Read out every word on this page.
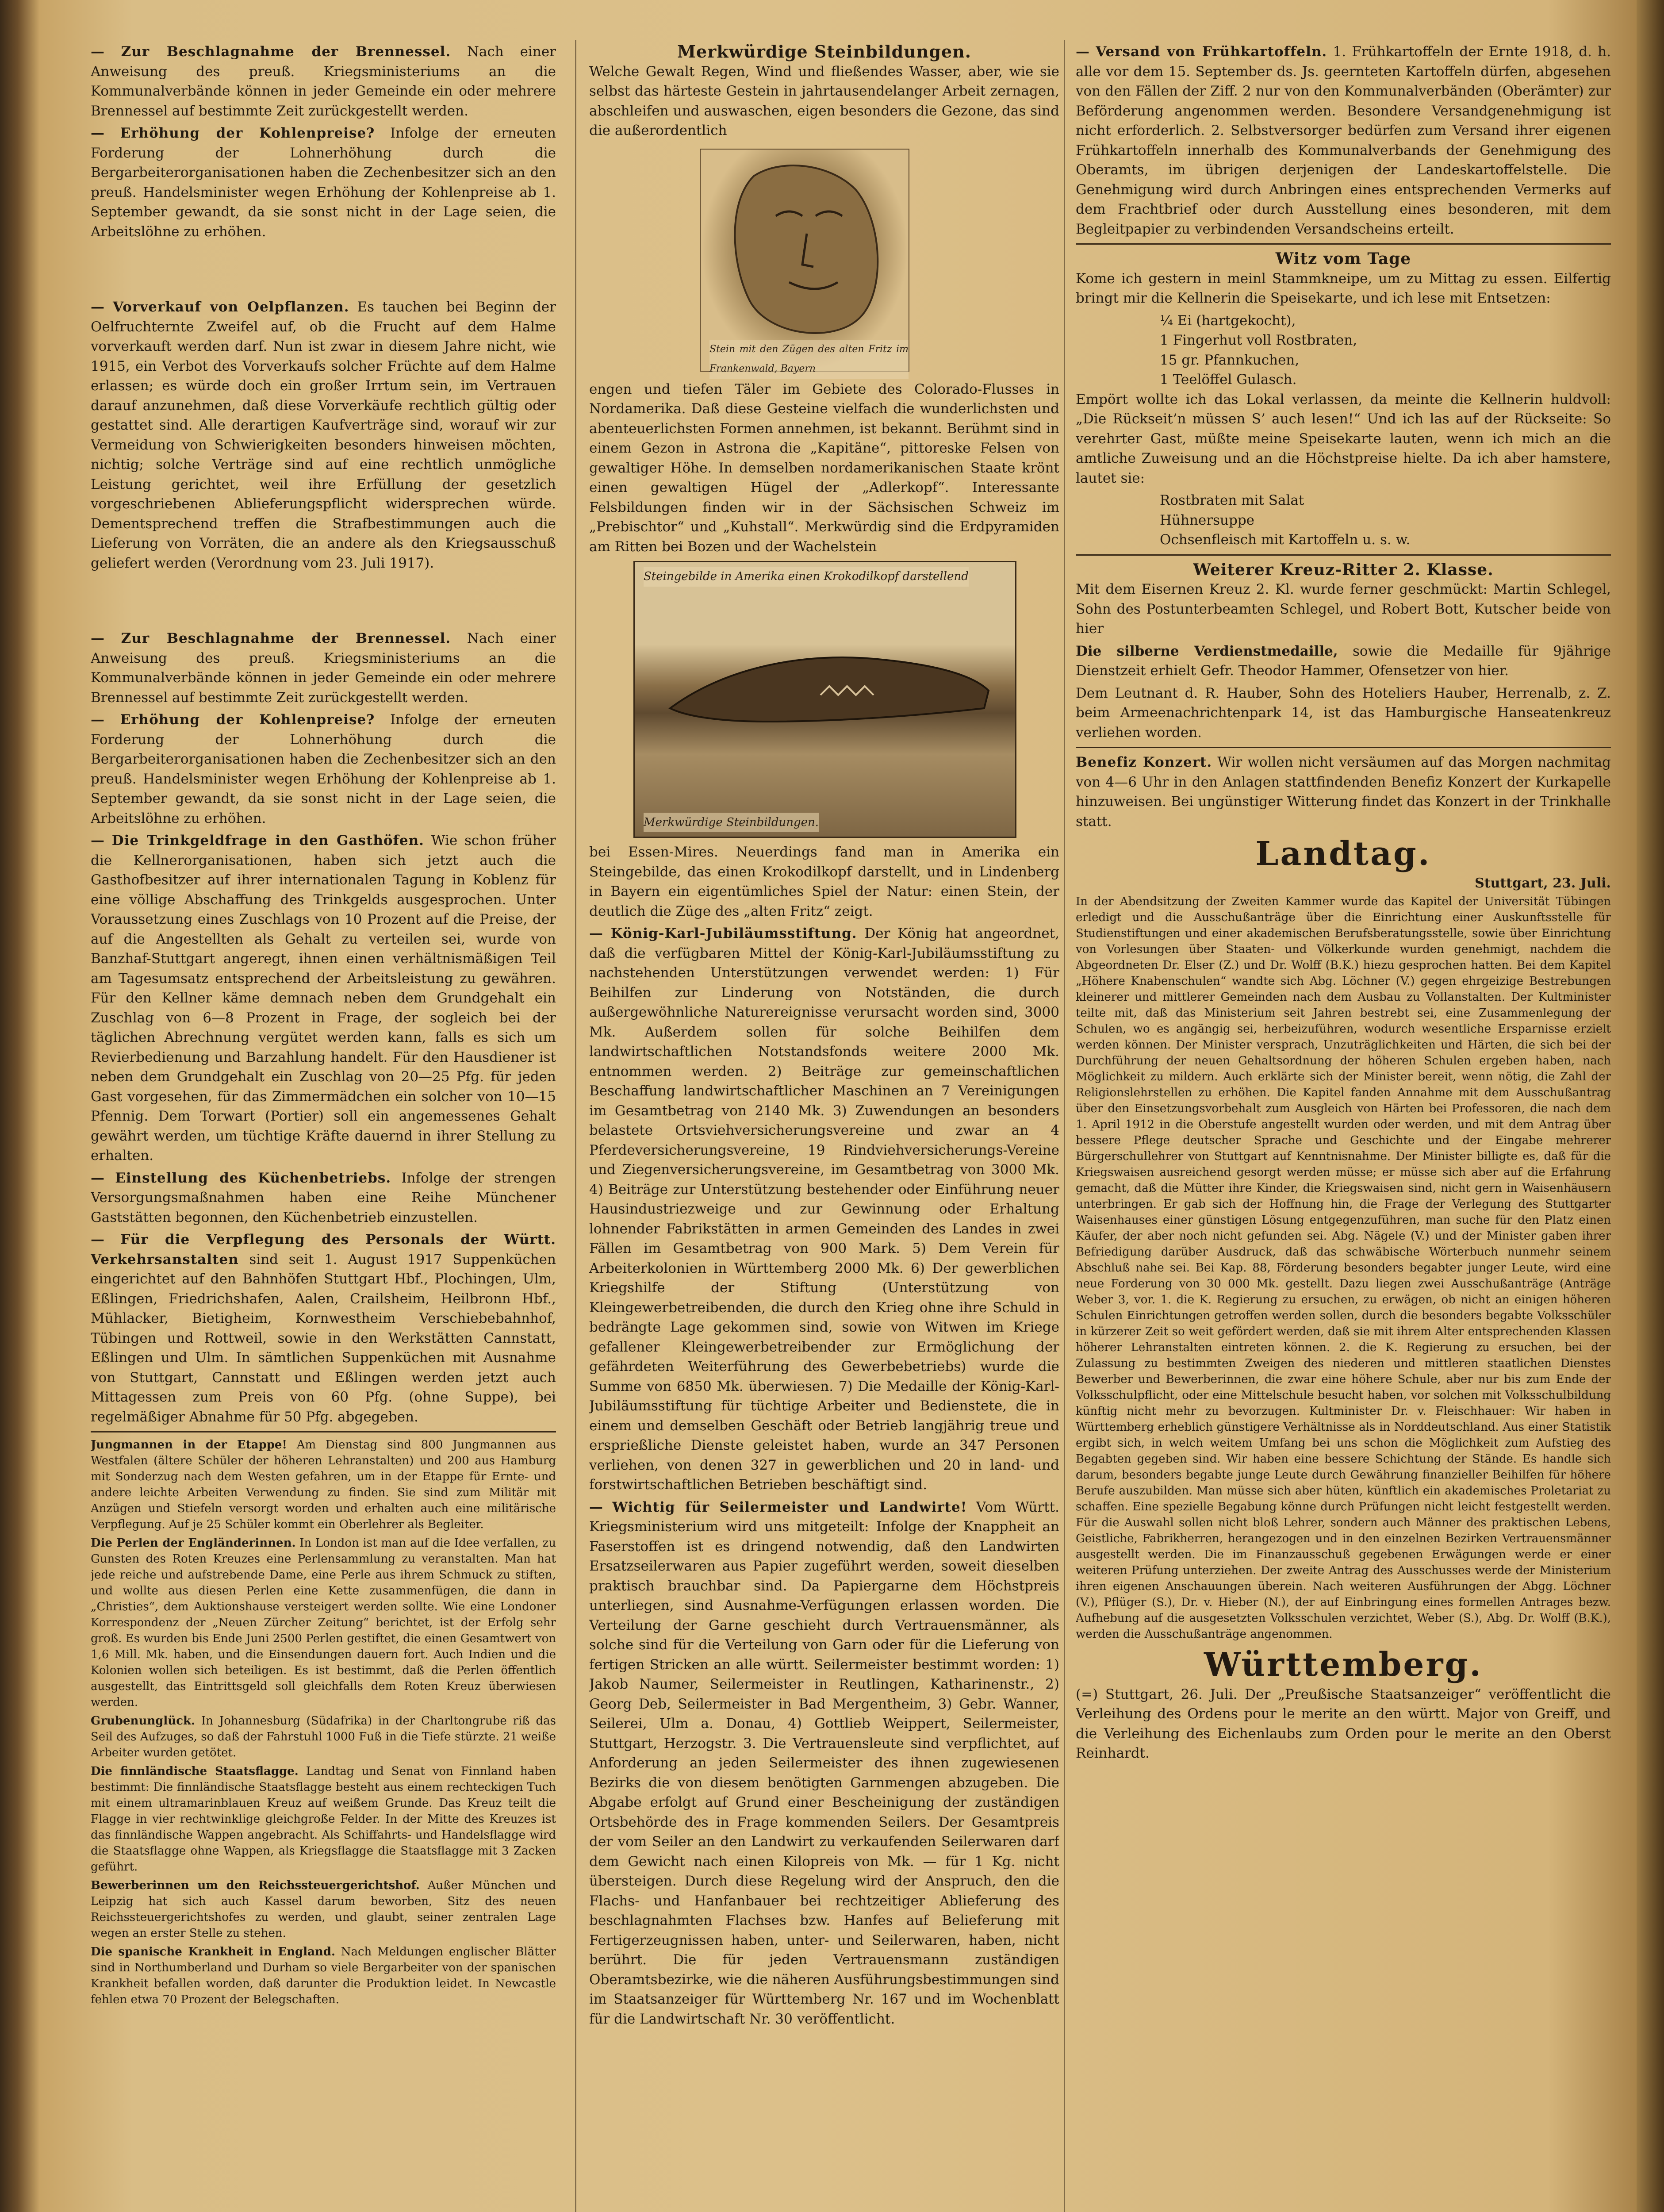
— Zur Beschlagnahme der Brennessel. Nach einer Anweisung des preuß. Kriegsministeriums an die Kommunalverbände können in jeder Gemeinde ein oder mehrere Brennessel auf bestimmte Zeit zurückgestellt werden.

— Erhöhung der Kohlenpreise? Infolge der erneuten Forderung der Lohnerhöhung durch die Bergarbeiterorganisationen haben die Zechenbesitzer sich an den preuß. Handelsminister wegen Erhöhung der Kohlenpreise ab 1. September gewandt, da sie sonst nicht in der Lage seien, die Arbeitslöhne zu erhöhen.

— Vorverkauf von Oelpflanzen. Es tauchen bei Beginn der Oelfruchternte Zweifel auf, ob die Frucht auf dem Halme vorverkauft werden darf. Nun ist zwar in diesem Jahre nicht, wie 1915, ein Verbot des Vorverkaufs solcher Früchte auf dem Halme erlassen; es würde doch ein großer Irrtum sein, im Vertrauen darauf anzunehmen, daß diese Vorverkäufe rechtlich gültig oder gestattet sind. Alle derartigen Kaufverträge sind, worauf wir zur Vermeidung von Schwierigkeiten besonders hinweisen möchten, nichtig; solche Verträge sind auf eine rechtlich unmögliche Leistung gerichtet, weil ihre Erfüllung der gesetzlich vorgeschriebenen Ablieferungspflicht widersprechen würde. Dementsprechend treffen die Strafbestimmungen auch die Lieferung von Vorräten, die an andere als den Kriegsausschuß geliefert werden (Verordnung vom 23. Juli 1917).

— Zur Beschlagnahme der Brennessel. Nach einer Anweisung des preuß. Kriegsministeriums an die Kommunalverbände können in jeder Gemeinde ein oder mehrere Brennessel auf bestimmte Zeit zurückgestellt werden.

— Erhöhung der Kohlenpreise? Infolge der erneuten Forderung der Lohnerhöhung durch die Bergarbeiterorganisationen haben die Zechenbesitzer sich an den preuß. Handelsminister wegen Erhöhung der Kohlenpreise ab 1. September gewandt, da sie sonst nicht in der Lage seien, die Arbeitslöhne zu erhöhen.

— Die Trinkgeldfrage in den Gasthöfen. Wie schon früher die Kellnerorganisationen, haben sich jetzt auch die Gasthofbesitzer auf ihrer internationalen Tagung in Koblenz für eine völlige Abschaffung des Trinkgelds ausgesprochen. Unter Voraussetzung eines Zuschlags von 10 Prozent auf die Preise, der auf die Angestellten als Gehalt zu verteilen sei, wurde von Banzhaf-Stuttgart angeregt, ihnen einen verhältnismäßigen Teil am Tagesumsatz entsprechend der Arbeitsleistung zu gewähren. Für den Kellner käme demnach neben dem Grundgehalt ein Zuschlag von 6—8 Prozent in Frage, der sogleich bei der täglichen Abrechnung vergütet werden kann, falls es sich um Revierbedienung und Barzahlung handelt. Für den Hausdiener ist neben dem Grundgehalt ein Zuschlag von 20—25 Pfg. für jeden Gast vorgesehen, für das Zimmermädchen ein solcher von 10—15 Pfennig. Dem Torwart (Portier) soll ein angemessenes Gehalt gewährt werden, um tüchtige Kräfte dauernd in ihrer Stellung zu erhalten.

— Einstellung des Küchenbetriebs. Infolge der strengen Versorgungsmaßnahmen haben eine Reihe Münchener Gaststätten begonnen, den Küchenbetrieb einzustellen.

— Für die Verpflegung des Personals der Württ. Verkehrsanstalten sind seit 1. August 1917 Suppenküchen eingerichtet auf den Bahnhöfen Stuttgart Hbf., Plochingen, Ulm, Eßlingen, Friedrichshafen, Aalen, Crailsheim, Heilbronn Hbf., Mühlacker, Bietigheim, Kornwestheim Verschiebebahnhof, Tübingen und Rottweil, sowie in den Werkstätten Cannstatt, Eßlingen und Ulm. In sämtlichen Suppenküchen mit Ausnahme von Stuttgart, Cannstatt und Eßlingen werden jetzt auch Mittagessen zum Preis von 60 Pfg. (ohne Suppe), bei regelmäßiger Abnahme für 50 Pfg. abgegeben.

Jungmannen in der Etappe! Am Dienstag sind 800 Jungmannen aus Westfalen (ältere Schüler der höheren Lehranstalten) und 200 aus Hamburg mit Sonderzug nach dem Westen gefahren, um in der Etappe für Ernte- und andere leichte Arbeiten Verwendung zu finden. Sie sind zum Militär mit Anzügen und Stiefeln versorgt worden und erhalten auch eine militärische Verpflegung. Auf je 25 Schüler kommt ein Oberlehrer als Begleiter.

Die Perlen der Engländerinnen. In London ist man auf die Idee verfallen, zu Gunsten des Roten Kreuzes eine Perlensammlung zu veranstalten. Man hat jede reiche und aufstrebende Dame, eine Perle aus ihrem Schmuck zu stiften, und wollte aus diesen Perlen eine Kette zusammenfügen, die dann in „Christies“, dem Auktionshause versteigert werden sollte. Wie eine Londoner Korrespondenz der „Neuen Zürcher Zeitung“ berichtet, ist der Erfolg sehr groß. Es wurden bis Ende Juni 2500 Perlen gestiftet, die einen Gesamtwert von 1,6 Mill. Mk. haben, und die Einsendungen dauern fort. Auch Indien und die Kolonien wollen sich beteiligen. Es ist bestimmt, daß die Perlen öffentlich ausgestellt, das Eintrittsgeld soll gleichfalls dem Roten Kreuz überwiesen werden.

Grubenunglück. In Johannesburg (Südafrika) in der Charltongrube riß das Seil des Aufzuges, so daß der Fahrstuhl 1000 Fuß in die Tiefe stürzte. 21 weiße Arbeiter wurden getötet.

Die finnländische Staatsflagge. Landtag und Senat von Finnland haben bestimmt: Die finnländische Staatsflagge besteht aus einem rechteckigen Tuch mit einem ultramarinblauen Kreuz auf weißem Grunde. Das Kreuz teilt die Flagge in vier rechtwinklige gleichgroße Felder. In der Mitte des Kreuzes ist das finnländische Wappen angebracht. Als Schiffahrts- und Handelsflagge wird die Staatsflagge ohne Wappen, als Kriegsflagge die Staatsflagge mit 3 Zacken geführt.

Bewerberinnen um den Reichssteuergerichtshof. Außer München und Leipzig hat sich auch Kassel darum beworben, Sitz des neuen Reichssteuergerichtshofes zu werden, und glaubt, seiner zentralen Lage wegen an erster Stelle zu stehen.

Die spanische Krankheit in England. Nach Meldungen englischer Blätter sind in Northumberland und Durham so viele Bergarbeiter von der spanischen Krankheit befallen worden, daß darunter die Produktion leidet. In Newcastle fehlen etwa 70 Prozent der Belegschaften.

Merkwürdige Steinbildungen.

Welche Gewalt Regen, Wind und fließendes Wasser, aber, wie sie selbst das härteste Gestein in jahrtausendelanger Arbeit zernagen, abschleifen und auswaschen, eigen besonders die Gezone, das sind die außerordentlich

Stein mit den Zügen des alten Fritz im Frankenwald, Bayern

engen und tiefen Täler im Gebiete des Colorado-Flusses in Nordamerika. Daß diese Gesteine vielfach die wunderlichsten und abenteuerlichsten Formen annehmen, ist bekannt. Berühmt sind in einem Gezon in Astrona die „Kapitäne“, pittoreske Felsen von gewaltiger Höhe. In demselben nordamerikanischen Staate krönt einen gewaltigen Hügel der „Adlerkopf“. Interessante Felsbildungen finden wir in der Sächsischen Schweiz im „Prebischtor“ und „Kuhstall“. Merkwürdig sind die Erdpyramiden am Ritten bei Bozen und der Wachelstein

Steingebilde in Amerika einen Krokodilkopf darstellend
Merkwürdige Steinbildungen.

bei Essen-Mires. Neuerdings fand man in Amerika ein Steingebilde, das einen Krokodilkopf darstellt, und in Lindenberg in Bayern ein eigentümliches Spiel der Natur: einen Stein, der deutlich die Züge des „alten Fritz“ zeigt.

— König-Karl-Jubiläumsstiftung. Der König hat angeordnet, daß die verfügbaren Mittel der König-Karl-Jubiläumsstiftung zu nachstehenden Unterstützungen verwendet werden: 1) Für Beihilfen zur Linderung von Notständen, die durch außergewöhnliche Naturereignisse verursacht worden sind, 3000 Mk. Außerdem sollen für solche Beihilfen dem landwirtschaftlichen Notstandsfonds weitere 2000 Mk. entnommen werden. 2) Beiträge zur gemeinschaftlichen Beschaffung landwirtschaftlicher Maschinen an 7 Vereinigungen im Gesamtbetrag von 2140 Mk. 3) Zuwendungen an besonders belastete Ortsviehversicherungsvereine und zwar an 4 Pferdeversicherungsvereine, 19 Rindviehversicherungs-Vereine und Ziegenversicherungsvereine, im Gesamtbetrag von 3000 Mk. 4) Beiträge zur Unterstützung bestehender oder Einführung neuer Hausindustriezweige und zur Gewinnung oder Erhaltung lohnender Fabrikstätten in armen Gemeinden des Landes in zwei Fällen im Gesamtbetrag von 900 Mark. 5) Dem Verein für Arbeiterkolonien in Württemberg 2000 Mk. 6) Der gewerblichen Kriegshilfe der Stiftung (Unterstützung von Kleingewerbetreibenden, die durch den Krieg ohne ihre Schuld in bedrängte Lage gekommen sind, sowie von Witwen im Kriege gefallener Kleingewerbetreibender zur Ermöglichung der gefährdeten Weiterführung des Gewerbebetriebs) wurde die Summe von 6850 Mk. überwiesen. 7) Die Medaille der König-Karl-Jubiläumsstiftung für tüchtige Arbeiter und Bedienstete, die in einem und demselben Geschäft oder Betrieb langjährig treue und ersprießliche Dienste geleistet haben, wurde an 347 Personen verliehen, von denen 327 in gewerblichen und 20 in land- und forstwirtschaftlichen Betrieben beschäftigt sind.

— Wichtig für Seilermeister und Landwirte! Vom Württ. Kriegsministerium wird uns mitgeteilt: Infolge der Knappheit an Faserstoffen ist es dringend notwendig, daß den Landwirten Ersatzseilerwaren aus Papier zugeführt werden, soweit dieselben praktisch brauchbar sind. Da Papiergarne dem Höchstpreis unterliegen, sind Ausnahme-Verfügungen erlassen worden. Die Verteilung der Garne geschieht durch Vertrauensmänner, als solche sind für die Verteilung von Garn oder für die Lieferung von fertigen Stricken an alle württ. Seilermeister bestimmt worden: 1) Jakob Naumer, Seilermeister in Reutlingen, Katharinenstr., 2) Georg Deb, Seilermeister in Bad Mergentheim, 3) Gebr. Wanner, Seilerei, Ulm a. Donau, 4) Gottlieb Weippert, Seilermeister, Stuttgart, Herzogstr. 3. Die Vertrauensleute sind verpflichtet, auf Anforderung an jeden Seilermeister des ihnen zugewiesenen Bezirks die von diesem benötigten Garnmengen abzugeben. Die Abgabe erfolgt auf Grund einer Bescheinigung der zuständigen Ortsbehörde des in Frage kommenden Seilers. Der Gesamtpreis der vom Seiler an den Landwirt zu verkaufenden Seilerwaren darf dem Gewicht nach einen Kilopreis von Mk. — für 1 Kg. nicht übersteigen. Durch diese Regelung wird der Anspruch, den die Flachs- und Hanfanbauer bei rechtzeitiger Ablieferung des beschlagnahmten Flachses bzw. Hanfes auf Belieferung mit Fertigerzeugnissen haben, unter- und Seilerwaren, haben, nicht berührt. Die für jeden Vertrauensmann zuständigen Oberamtsbezirke, wie die näheren Ausführungsbestimmungen sind im Staatsanzeiger für Württemberg Nr. 167 und im Wochenblatt für die Landwirtschaft Nr. 30 veröffentlicht.

— Versand von Frühkartoffeln. 1. Frühkartoffeln der Ernte 1918, d. h. alle vor dem 15. September ds. Js. geernteten Kartoffeln dürfen, abgesehen von den Fällen der Ziff. 2 nur von den Kommunalverbänden (Oberämter) zur Beförderung angenommen werden. Besondere Versandgenehmigung ist nicht erforderlich. 2. Selbstversorger bedürfen zum Versand ihrer eigenen Frühkartoffeln innerhalb des Kommunalverbands der Genehmigung des Oberamts, im übrigen derjenigen der Landeskartoffelstelle. Die Genehmigung wird durch Anbringen eines entsprechenden Vermerks auf dem Frachtbrief oder durch Ausstellung eines besonderen, mit dem Begleitpapier zu verbindenden Versandscheins erteilt.

Witz vom Tage

Kome ich gestern in meinl Stammkneipe, um zu Mittag zu essen. Eilfertig bringt mir die Kellnerin die Speisekarte, und ich lese mit Entsetzen:

¼ Ei (hartgekocht),
1 Fingerhut voll Rostbraten,
15 gr. Pfannkuchen,
1 Teelöffel Gulasch.

Empört wollte ich das Lokal verlassen, da meinte die Kellnerin huldvoll: „Die Rückseit’n müssen S’ auch lesen!“ Und ich las auf der Rückseite: So verehrter Gast, müßte meine Speisekarte lauten, wenn ich mich an die amtliche Zuweisung und an die Höchstpreise hielte. Da ich aber hamstere, lautet sie:

Rostbraten mit Salat
Hühnersuppe
Ochsenfleisch mit Kartoffeln u. s. w.
Weiterer Kreuz-Ritter 2. Klasse.

Mit dem Eisernen Kreuz 2. Kl. wurde ferner geschmückt: Martin Schlegel, Sohn des Postunterbeamten Schlegel, und Robert Bott, Kutscher beide von hier

Die silberne Verdienstmedaille, sowie die Medaille für 9jährige Dienstzeit erhielt Gefr. Theodor Hammer, Ofensetzer von hier.

Dem Leutnant d. R. Hauber, Sohn des Hoteliers Hauber, Herrenalb, z. Z. beim Armeenachrichtenpark 14, ist das Hamburgische Hanseatenkreuz verliehen worden.

Benefiz Konzert. Wir wollen nicht versäumen auf das Morgen nachmitag von 4—6 Uhr in den Anlagen stattfindenden Benefiz Konzert der Kurkapelle hinzuweisen. Bei ungünstiger Witterung findet das Konzert in der Trinkhalle statt.

Landtag.
Stuttgart, 23. Juli.

In der Abendsitzung der Zweiten Kammer wurde das Kapitel der Universität Tübingen erledigt und die Ausschußanträge über die Einrichtung einer Auskunftsstelle für Studienstiftungen und einer akademischen Berufsberatungsstelle, sowie über Einrichtung von Vorlesungen über Staaten- und Völkerkunde wurden genehmigt, nachdem die Abgeordneten Dr. Elser (Z.) und Dr. Wolff (B.K.) hiezu gesprochen hatten. Bei dem Kapitel „Höhere Knabenschulen“ wandte sich Abg. Löchner (V.) gegen ehrgeizige Bestrebungen kleinerer und mittlerer Gemeinden nach dem Ausbau zu Vollanstalten. Der Kultminister teilte mit, daß das Ministerium seit Jahren bestrebt sei, eine Zusammenlegung der Schulen, wo es angängig sei, herbeizuführen, wodurch wesentliche Ersparnisse erzielt werden können. Der Minister versprach, Unzuträglichkeiten und Härten, die sich bei der Durchführung der neuen Gehaltsordnung der höheren Schulen ergeben haben, nach Möglichkeit zu mildern. Auch erklärte sich der Minister bereit, wenn nötig, die Zahl der Religionslehrstellen zu erhöhen. Die Kapitel fanden Annahme mit dem Ausschußantrag über den Einsetzungsvorbehalt zum Ausgleich von Härten bei Professoren, die nach dem 1. April 1912 in die Oberstufe angestellt wurden oder werden, und mit dem Antrag über bessere Pflege deutscher Sprache und Geschichte und der Eingabe mehrerer Bürgerschullehrer von Stuttgart auf Kenntnisnahme. Der Minister billigte es, daß für die Kriegswaisen ausreichend gesorgt werden müsse; er müsse sich aber auf die Erfahrung gemacht, daß die Mütter ihre Kinder, die Kriegswaisen sind, nicht gern in Waisenhäusern unterbringen. Er gab sich der Hoffnung hin, die Frage der Verlegung des Stuttgarter Waisenhauses einer günstigen Lösung entgegenzuführen, man suche für den Platz einen Käufer, der aber noch nicht gefunden sei. Abg. Nägele (V.) und der Minister gaben ihrer Befriedigung darüber Ausdruck, daß das schwäbische Wörterbuch nunmehr seinem Abschluß nahe sei. Bei Kap. 88, Förderung besonders begabter junger Leute, wird eine neue Forderung von 30 000 Mk. gestellt. Dazu liegen zwei Ausschußanträge (Anträge Weber 3, vor. 1. die K. Regierung zu ersuchen, zu erwägen, ob nicht an einigen höheren Schulen Einrichtungen getroffen werden sollen, durch die besonders begabte Volksschüler in kürzerer Zeit so weit gefördert werden, daß sie mit ihrem Alter entsprechenden Klassen höherer Lehranstalten eintreten können. 2. die K. Regierung zu ersuchen, bei der Zulassung zu bestimmten Zweigen des niederen und mittleren staatlichen Dienstes Bewerber und Bewerberinnen, die zwar eine höhere Schule, aber nur bis zum Ende der Volksschulpflicht, oder eine Mittelschule besucht haben, vor solchen mit Volksschulbildung künftig nicht mehr zu bevorzugen. Kultminister Dr. v. Fleischhauer: Wir haben in Württemberg erheblich günstigere Verhältnisse als in Norddeutschland. Aus einer Statistik ergibt sich, in welch weitem Umfang bei uns schon die Möglichkeit zum Aufstieg des Begabten gegeben sind. Wir haben eine bessere Schichtung der Stände. Es handle sich darum, besonders begabte junge Leute durch Gewährung finanzieller Beihilfen für höhere Berufe auszubilden. Man müsse sich aber hüten, künftlich ein akademisches Proletariat zu schaffen. Eine spezielle Begabung könne durch Prüfungen nicht leicht festgestellt werden. Für die Auswahl sollen nicht bloß Lehrer, sondern auch Männer des praktischen Lebens, Geistliche, Fabrikherren, herangezogen und in den einzelnen Bezirken Vertrauensmänner ausgestellt werden. Die im Finanzausschuß gegebenen Erwägungen werde er einer weiteren Prüfung unterziehen. Der zweite Antrag des Ausschusses werde der Ministerium ihren eigenen Anschauungen überein. Nach weiteren Ausführungen der Abgg. Löchner (V.), Pflüger (S.), Dr. v. Hieber (N.), der auf Einbringung eines formellen Antrages bezw. Aufhebung auf die ausgesetzten Volksschulen verzichtet, Weber (S.), Abg. Dr. Wolff (B.K.), werden die Ausschußanträge angenommen.

Württemberg.

(=) Stuttgart, 26. Juli. Der „Preußische Staatsanzeiger“ veröffentlicht die Verleihung des Ordens pour le merite an den württ. Major von Greiff, und die Verleihung des Eichenlaubs zum Orden pour le merite an den Oberst Reinhardt.
